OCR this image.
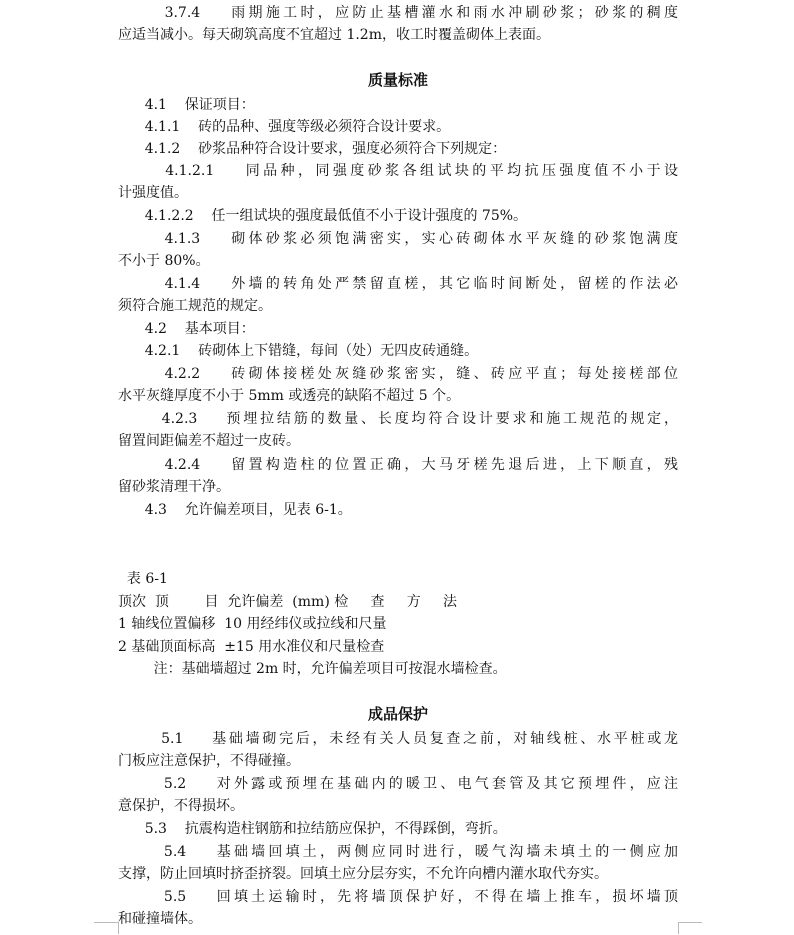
3.7.4    雨期施工时，应防止基槽灌水和雨水冲刷砂浆；砂浆的稠度
应适当减小。每天砌筑高度不宜超过 1.2m，收工时覆盖砌体上表面。
质量标准
4.1    保证项目：
4.1.1    砖的品种、强度等级必须符合设计要求。
4.1.2    砂浆品种符合设计要求，强度必须符合下列规定：
4.1.2.1    同品种，同强度砂浆各组试块的平均抗压强度值不小于设
计强度值。
4.1.2.2    任一组试块的强度最低值不小于设计强度的 75%。
4.1.3    砌体砂浆必须饱满密实，实心砖砌体水平灰缝的砂浆饱满度
不小于 80%。
4.1.4    外墙的转角处严禁留直槎，其它临时间断处，留槎的作法必
须符合施工规范的规定。
4.2    基本项目：
4.2.1    砖砌体上下错缝，每间（处）无四皮砖通缝。
4.2.2    砖砌体接槎处灰缝砂浆密实，缝、砖应平直；每处接槎部位
水平灰缝厚度不小于 5mm 或透亮的缺陷不超过 5 个。
4.2.3    预埋拉结筋的数量、长度均符合设计要求和施工规范的规定，
留置间距偏差不超过一皮砖。
4.2.4    留置构造柱的位置正确，大马牙槎先退后进，上下顺直，残
留砂浆清理干净。
4.3    允许偏差项目，见表 6-1。
表 6-1
顶次  顶        目  允许偏差  (mm) 检     查     方     法
1 轴线位置偏移  10 用经纬仪或拉线和尺量
2 基础顶面标高  ±15 用水准仪和尺量检查
注：基础墙超过 2m 时，允许偏差项目可按混水墙检查。
成品保护
5.1    基础墙砌完后，未经有关人员复查之前，对轴线桩、水平桩或龙
门板应注意保护，不得碰撞。
5.2    对外露或预埋在基础内的暖卫、电气套管及其它预埋件，应注
意保护，不得损坏。
5.3    抗震构造柱钢筋和拉结筋应保护，不得踩倒，弯折。
5.4    基础墙回填土，两侧应同时进行，暖气沟墙未填土的一侧应加
支撑，防止回填时挤歪挤裂。回填土应分层夯实，不允许向槽内灌水取代夯实。
5.5    回填土运输时，先将墙顶保护好，不得在墙上推车，损坏墙顶
和碰撞墙体。
